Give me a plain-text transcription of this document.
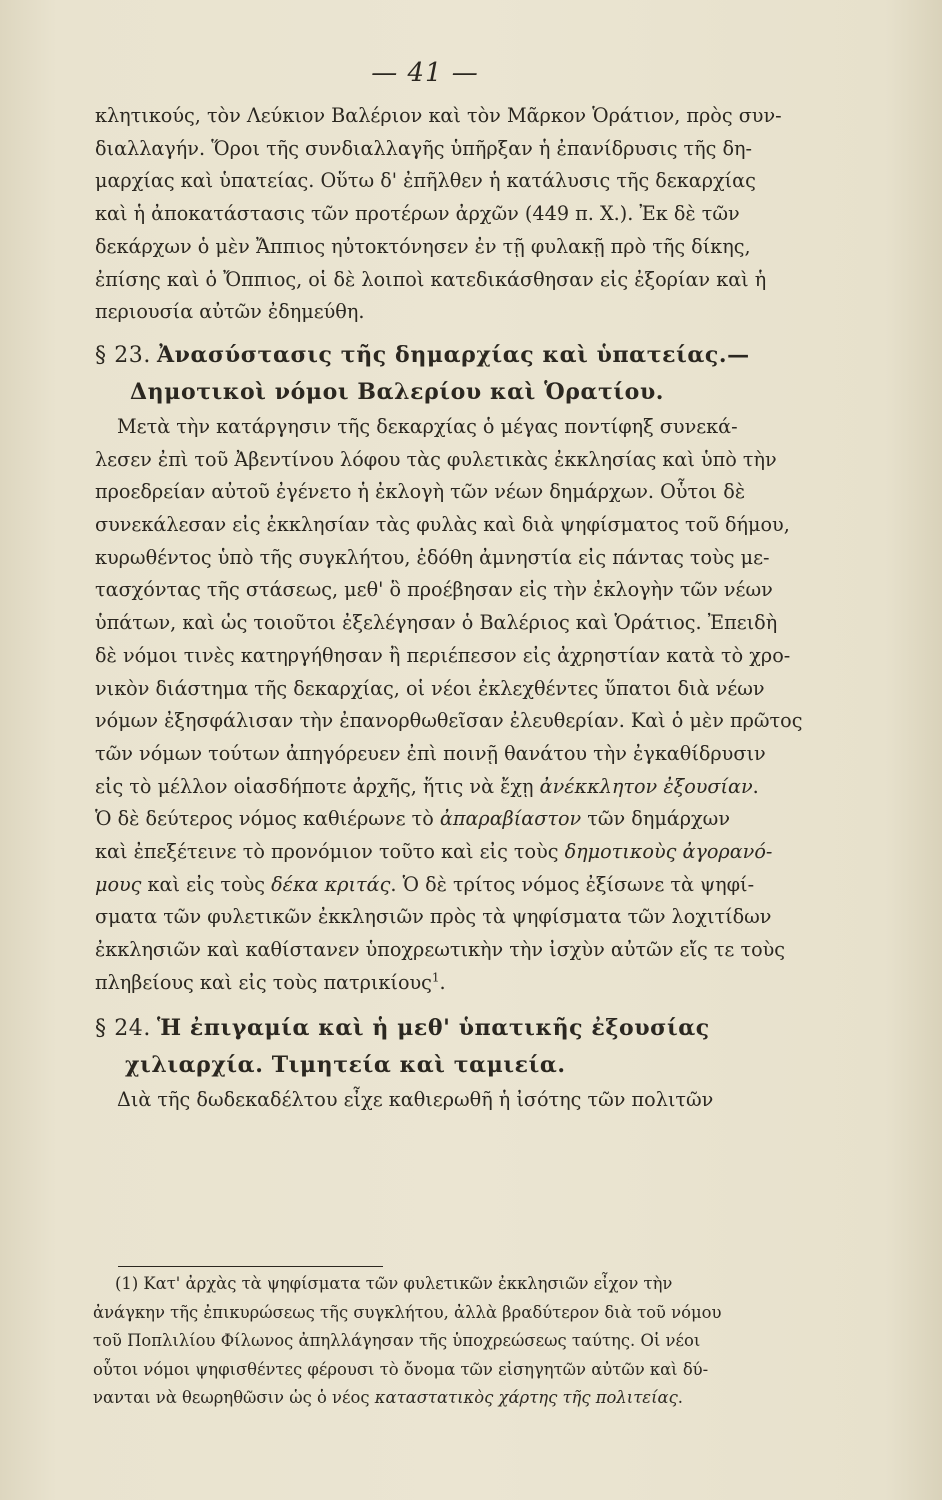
— 41 —
κλητικούς, τὸν Λεύκιον Βαλέριον καὶ τὸν Μᾶρκον Ὁράτιον, πρὸς συν-
διαλλαγήν. Ὅροι τῆς συνδιαλλαγῆς ὑπῆρξαν ἡ ἐπανίδρυσις τῆς δη-
μαρχίας καὶ ὑπατείας. Οὕτω δ' ἐπῆλθεν ἡ κατάλυσις τῆς δεκαρχίας
καὶ ἡ ἀποκατάστασις τῶν προτέρων ἀρχῶν (449 π. Χ.). Ἐκ δὲ τῶν
δεκάρχων ὁ μὲν Ἄππιος ηὐτοκτόνησεν ἐν τῇ φυλακῇ πρὸ τῆς δίκης,
ἐπίσης καὶ ὁ Ὄππιος, οἱ δὲ λοιποὶ κατεδικάσθησαν εἰς ἐξορίαν καὶ ἡ
περιουσία αὐτῶν ἐδημεύθη.
§ 23. Ἀνασύστασις τῆς δημαρχίας καὶ ὑπατείας.—
Δημοτικοὶ νόμοι Βαλερίου καὶ Ὁρατίου.
Μετὰ τὴν κατάργησιν τῆς δεκαρχίας ὁ μέγας ποντίφηξ συνεκά-
λεσεν ἐπὶ τοῦ Ἀβεντίνου λόφου τὰς φυλετικὰς ἐκκλησίας καὶ ὑπὸ τὴν
προεδρείαν αὐτοῦ ἐγένετο ἡ ἐκλογὴ τῶν νέων δημάρχων. Οὗτοι δὲ
συνεκάλεσαν εἰς ἐκκλησίαν τὰς φυλὰς καὶ διὰ ψηφίσματος τοῦ δήμου,
κυρωθέντος ὑπὸ τῆς συγκλήτου, ἐδόθη ἀμνηστία εἰς πάντας τοὺς με-
τασχόντας τῆς στάσεως, μεθ' ὃ προέβησαν εἰς τὴν ἐκλογὴν τῶν νέων
ὑπάτων, καὶ ὡς τοιοῦτοι ἐξελέγησαν ὁ Βαλέριος καὶ Ὁράτιος. Ἐπειδὴ
δὲ νόμοι τινὲς κατηργήθησαν ἢ περιέπεσον εἰς ἀχρηστίαν κατὰ τὸ χρο-
νικὸν διάστημα τῆς δεκαρχίας, οἱ νέοι ἐκλεχθέντες ὕπατοι διὰ νέων
νόμων ἐξησφάλισαν τὴν ἐπανορθωθεῖσαν ἐλευθερίαν. Καὶ ὁ μὲν πρῶτος
τῶν νόμων τούτων ἀπηγόρευεν ἐπὶ ποινῇ θανάτου τὴν ἐγκαθίδρυσιν
εἰς τὸ μέλλον οἱασδήποτε ἀρχῆς, ἥτις νὰ ἔχῃ ἀνέκκλητον ἐξουσίαν.
Ὁ δὲ δεύτερος νόμος καθιέρωνε τὸ ἀπαραβίαστον τῶν δημάρχων
καὶ ἐπεξέτεινε τὸ προνόμιον τοῦτο καὶ εἰς τοὺς δημοτικοὺς ἀγορανό-
μους καὶ εἰς τοὺς δέκα κριτάς. Ὁ δὲ τρίτος νόμος ἐξίσωνε τὰ ψηφί-
σματα τῶν φυλετικῶν ἐκκλησιῶν πρὸς τὰ ψηφίσματα τῶν λοχιτίδων
ἐκκλησιῶν καὶ καθίστανεν ὑποχρεωτικὴν τὴν ἰσχὺν αὐτῶν εἴς τε τοὺς
πληβείους καὶ εἰς τοὺς πατρικίους$^1$.
§ 24. Ἡ ἐπιγαμία καὶ ἡ μεθ' ὑπατικῆς ἐξουσίας
χιλιαρχία. Τιμητεία καὶ ταμιεία.
Διὰ τῆς δωδεκαδέλτου εἶχε καθιερωθῆ ἡ ἰσότης τῶν πολιτῶν
(1) Κατ' ἀρχὰς τὰ ψηφίσματα τῶν φυλετικῶν ἐκκλησιῶν εἶχον τὴν
ἀνάγκην τῆς ἐπικυρώσεως τῆς συγκλήτου, ἀλλὰ βραδύτερον διὰ τοῦ νόμου
τοῦ Ποπλιλίου Φίλωνος ἀπηλλάγησαν τῆς ὑποχρεώσεως ταύτης. Οἱ νέοι
οὗτοι νόμοι ψηφισθέντες φέρουσι τὸ ὄνομα τῶν εἰσηγητῶν αὐτῶν καὶ δύ-
νανται νὰ θεωρηθῶσιν ὡς ὁ νέος καταστατικὸς χάρτης τῆς πολιτείας.
